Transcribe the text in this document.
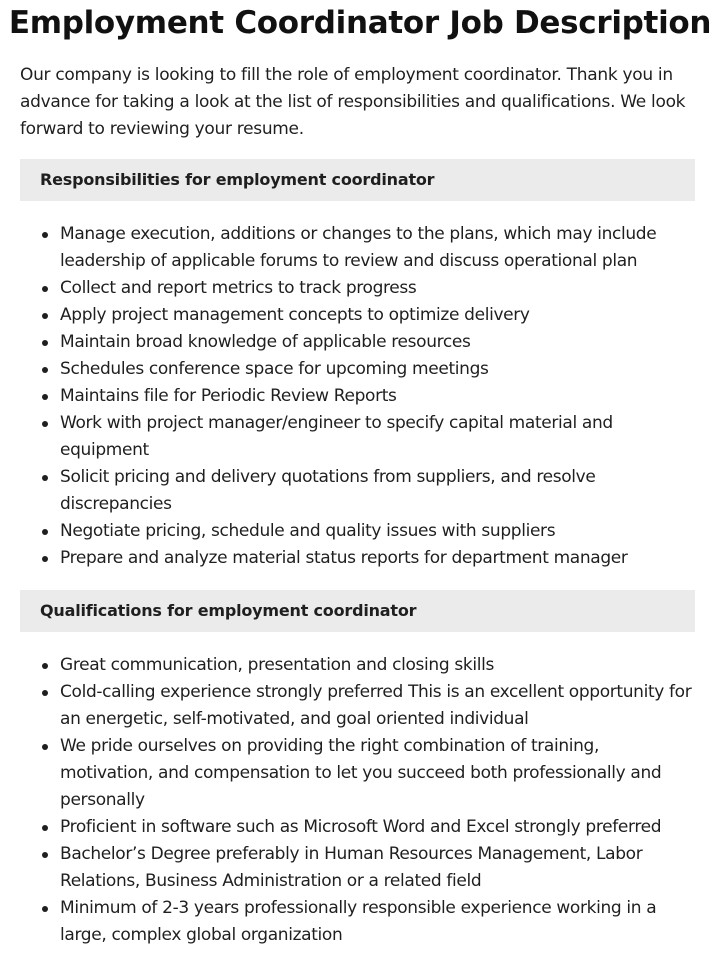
Employment Coordinator Job Description

Our company is looking to fill the role of employment coordinator. Thank you in advance for taking a look at the list of responsibilities and qualifications. We look forward to reviewing your resume.

Responsibilities for employment coordinator
Manage execution, additions or changes to the plans, which may include leadership of applicable forums to review and discuss operational plan
Collect and report metrics to track progress
Apply project management concepts to optimize delivery
Maintain broad knowledge of applicable resources
Schedules conference space for upcoming meetings
Maintains file for Periodic Review Reports
Work with project manager/engineer to specify capital material and equipment
Solicit pricing and delivery quotations from suppliers, and resolve discrepancies
Negotiate pricing, schedule and quality issues with suppliers
Prepare and analyze material status reports for department manager
Qualifications for employment coordinator
Great communication, presentation and closing skills
Cold-calling experience strongly preferred This is an excellent opportunity for an energetic, self-motivated, and goal oriented individual
We pride ourselves on providing the right combination of training, motivation, and compensation to let you succeed both professionally and personally
Proficient in software such as Microsoft Word and Excel strongly preferred
Bachelor’s Degree preferably in Human Resources Management, Labor Relations, Business Administration or a related field
Minimum of 2-3 years professionally responsible experience working in a large, complex global organization
